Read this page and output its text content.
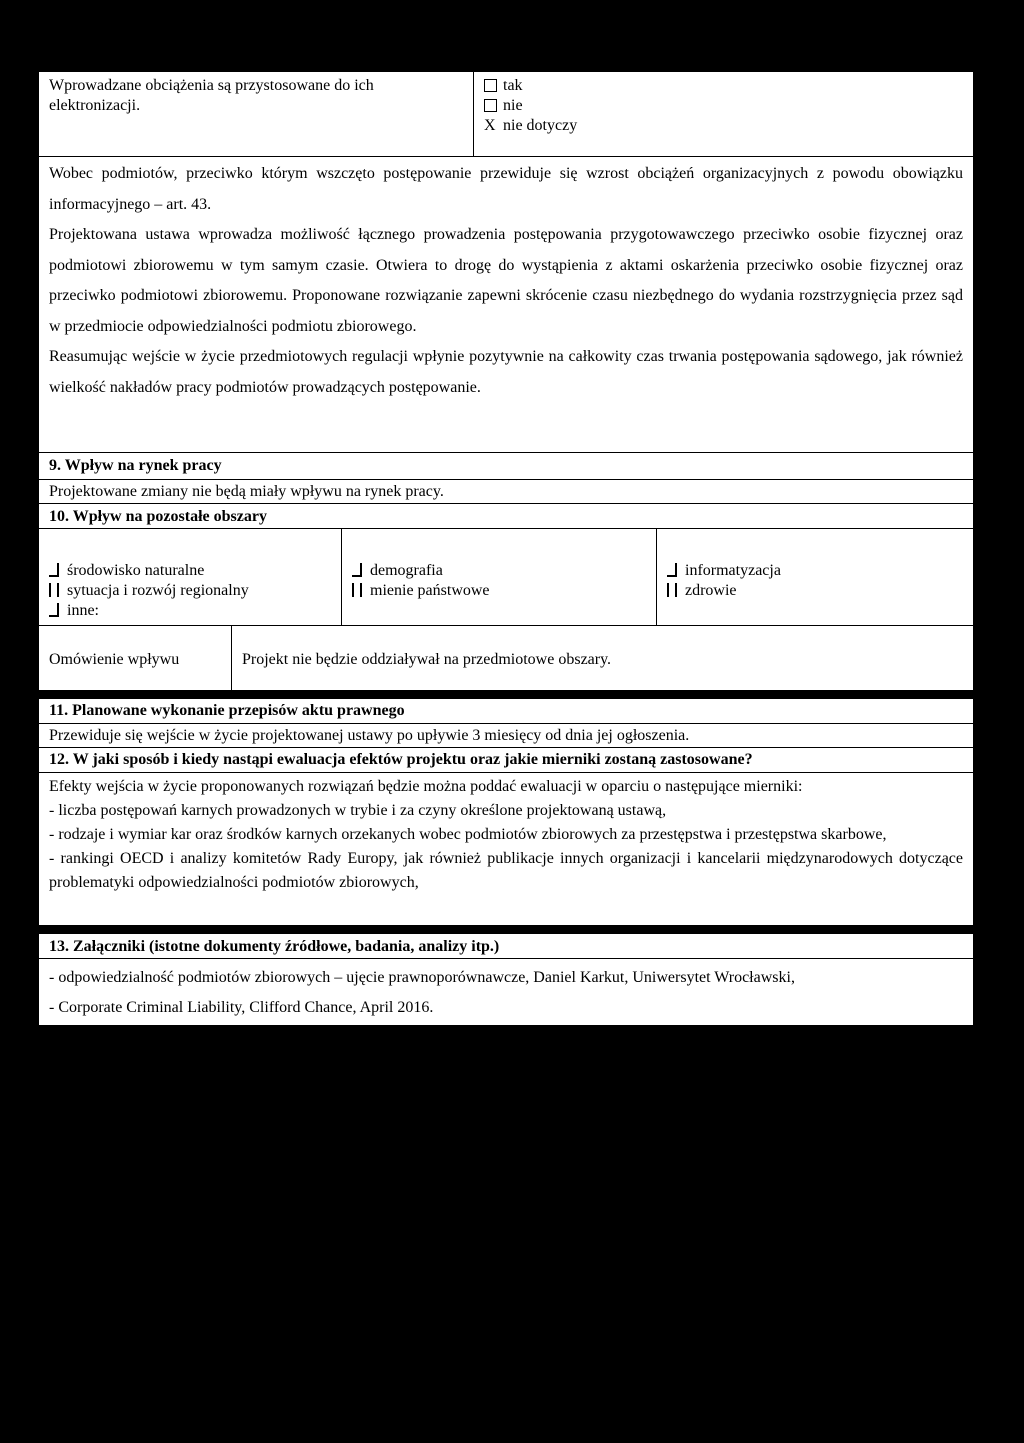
Wprowadzane obciążenia są przystosowane do ich elektronizacji.
tak
nie
X nie dotyczy

Wobec podmiotów, przeciwko którym wszczęto postępowanie przewiduje się wzrost obciążeń organizacyjnych z powodu obowiązku informacyjnego – art. 43.

Projektowana ustawa wprowadza możliwość łącznego prowadzenia postępowania przygotowawczego przeciwko osobie fizycznej oraz podmiotowi zbiorowemu w tym samym czasie. Otwiera to drogę do wystąpienia z aktami oskarżenia przeciwko osobie fizycznej oraz przeciwko podmiotowi zbiorowemu. Proponowane rozwiązanie zapewni skrócenie czasu niezbędnego do wydania rozstrzygnięcia przez sąd w przedmiocie odpowiedzialności podmiotu zbiorowego.

Reasumując wejście w życie przedmiotowych regulacji wpłynie pozytywnie na całkowity czas trwania postępowania sądowego, jak również wielkość nakładów pracy podmiotów prowadzących postępowanie.

9. Wpływ na rynek pracy
Projektowane zmiany nie będą miały wpływu na rynek pracy.
10. Wpływ na pozostałe obszary
środowisko naturalne
sytuacja i rozwój regionalny
inne:
demografia
mienie państwowe
informatyzacja
zdrowie
Omówienie wpływu	Projekt nie będzie oddziaływał na przedmiotowe obszary.
11. Planowane wykonanie przepisów aktu prawnego
Przewiduje się wejście w życie projektowanej ustawy po upływie 3 miesięcy od dnia jej ogłoszenia.
12. W jaki sposób i kiedy nastąpi ewaluacja efektów projektu oraz jakie mierniki zostaną zastosowane?
Efekty wejścia w życie proponowanych rozwiązań będzie można poddać ewaluacji w oparciu o następujące mierniki:
- liczba postępowań karnych prowadzonych w trybie i za czyny określone projektowaną ustawą,
- rodzaje i wymiar kar oraz środków karnych orzekanych wobec podmiotów zbiorowych za przestępstwa i przestępstwa skarbowe,
- rankingi OECD i analizy komitetów Rady Europy, jak również publikacje innych organizacji i kancelarii międzynarodowych dotyczące problematyki odpowiedzialności podmiotów zbiorowych,
13. Załączniki (istotne dokumenty źródłowe, badania, analizy itp.)
- odpowiedzialność podmiotów zbiorowych – ujęcie prawnoporównawcze, Daniel Karkut, Uniwersytet Wrocławski,
- Corporate Criminal Liability, Clifford Chance, April 2016.
